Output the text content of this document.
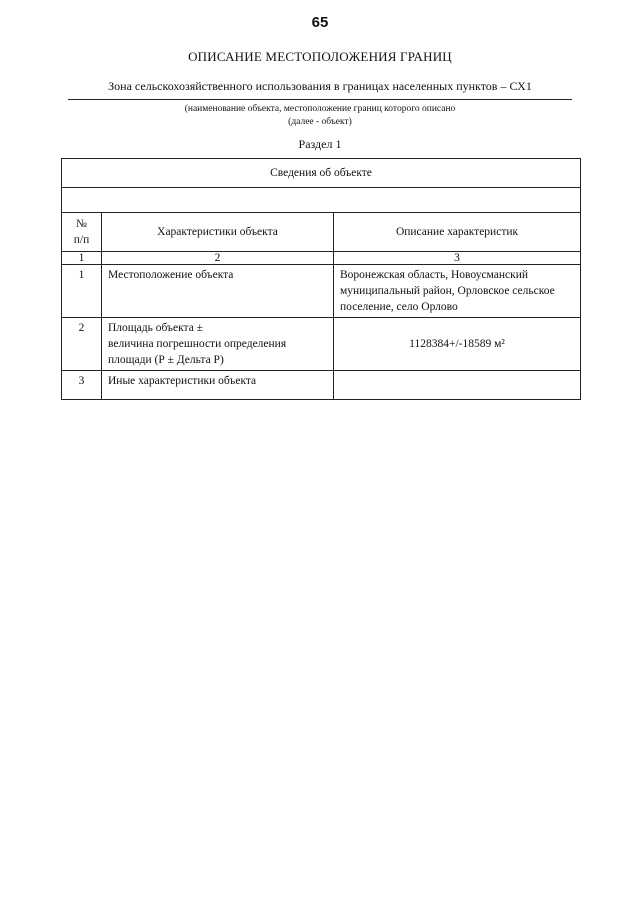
65
ОПИСАНИЕ МЕСТОПОЛОЖЕНИЯ ГРАНИЦ
Зона сельскохозяйственного использования в границах населенных пунктов – СХ1
(наименование объекта, местоположение границ которого описано
(далее - объект)
Раздел 1
Сведения об объекте		

№
п/п	Характеристики объекта	Описание характеристик
1	2	3
1	Местоположение объекта	Воронежская область, Новоусманский муниципальный район, Орловское сельское поселение, село Орлово
2	Площадь объекта ±
величина погрешности определения
площади (Р ± Дельта Р)	1128384+/-18589 м²
3	Иные характеристики объекта	
